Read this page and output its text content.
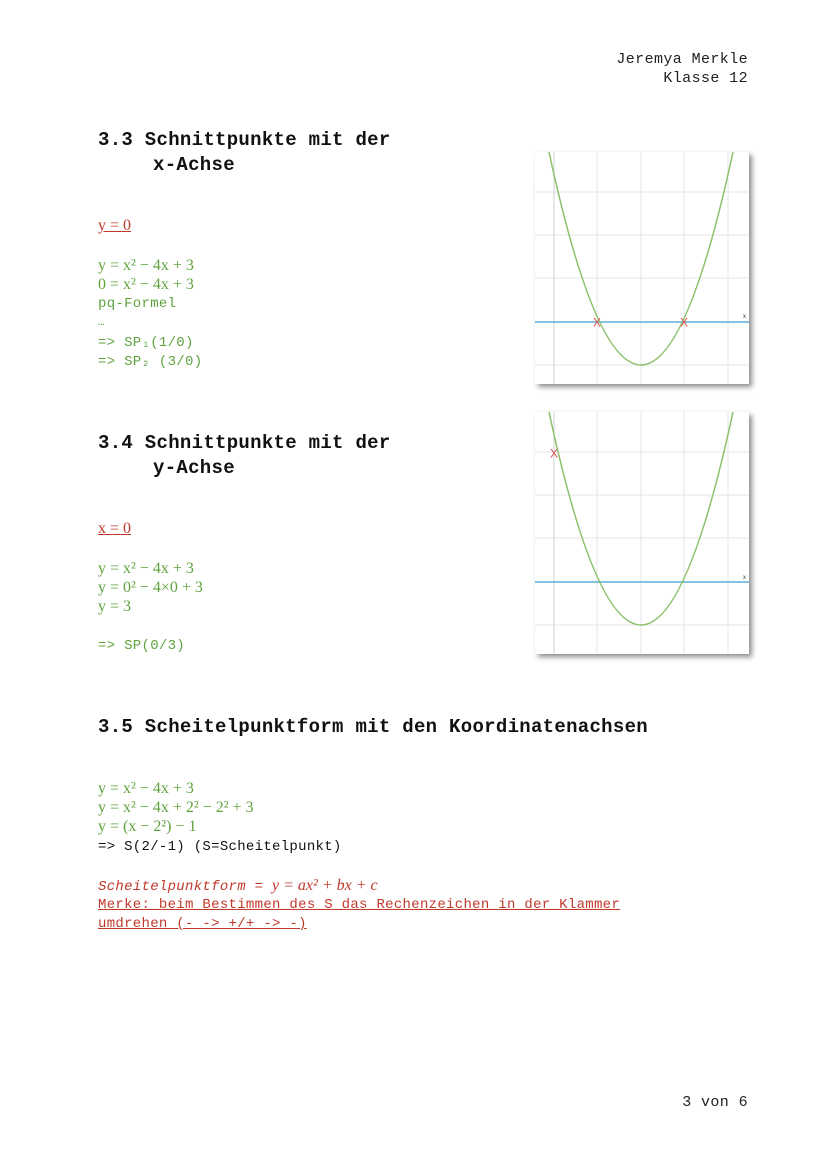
Jeremya Merkle
Klasse 12
3.3 Schnittpunkte mit der
x-Achse
y = 0
y = x² − 4x + 3
0 = x² − 4x + 3
pq-Formel
…
=> SP₁(1/0)
=> SP₂ (3/0)
x
X	X
3.4 Schnittpunkte mit der
y-Achse
x = 0
y = x² − 4x + 3
y = 0² − 4×0 + 3
y = 3
=> SP(0/3)
x
X
3.5 Scheitelpunktform mit den Koordinatenachsen
y = x² − 4x + 3
y = x² − 4x + 2² − 2² + 3
y = (x − 2²) − 1
=> S(2/-1) (S=Scheitelpunkt)
Scheitelpunktform = y = ax² + bx + c
Merke: beim Bestimmen des S das Rechenzeichen in der Klammer
umdrehen (- -> +/+ -> -)
3 von 6
